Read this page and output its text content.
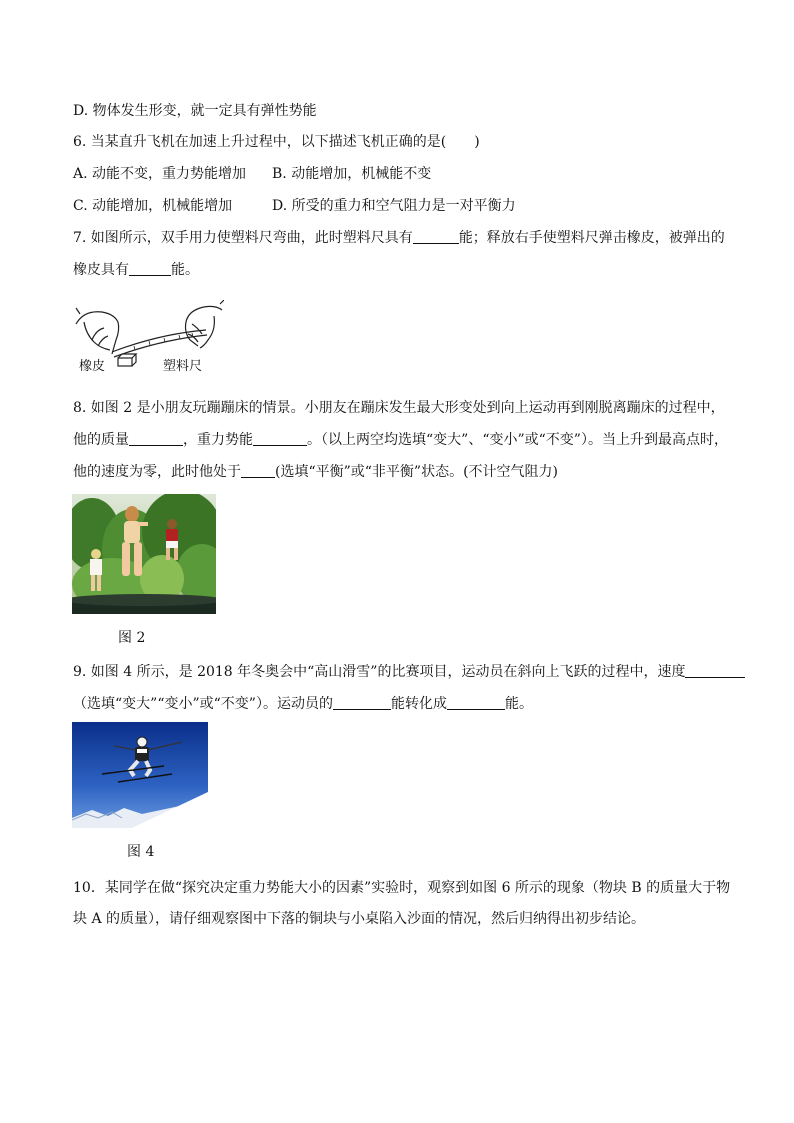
D. 物体发生形变，就一定具有弹性势能
6. 当某直升飞机在加速上升过程中，以下描述飞机正确的是(　　)
A. 动能不变，重力势能增加 B. 动能增加，机械能不变
C. 动能增加，机械能增加	D. 所受的重力和空气阻力是一对平衡力
7. 如图所示，双手用力使塑料尺弯曲，此时塑料尺具有	能；释放右手使塑料尺弹击橡皮，被弹出的
橡皮具有	能。
橡皮	塑料尺
8. 如图 2 是小朋友玩蹦蹦床的情景。小朋友在蹦床发生最大形变处到向上运动再到刚脱离蹦床的过程中，
他的质量	，重力势能	。（以上两空均选填“变大”、“变小”或“不变”）。当上升到最高点时，
他的速度为零，此时他处于 (选填“平衡”或“非平衡”状态。(不计空气阻力)
图 2
9. 如图 4 所示，是 2018 年冬奥会中“高山滑雪”的比赛项目，运动员在斜向上飞跃的过程中，速度
（选填“变大”“变小”或“不变”）。运动员的	能转化成	能。
图 4
10．某同学在做“探究决定重力势能大小的因素”实验时，观察到如图 6 所示的现象（物块 B 的质量大于物
块 A 的质量），请仔细观察图中下落的铜块与小桌陷入沙面的情况，然后归纳得出初步结论。
